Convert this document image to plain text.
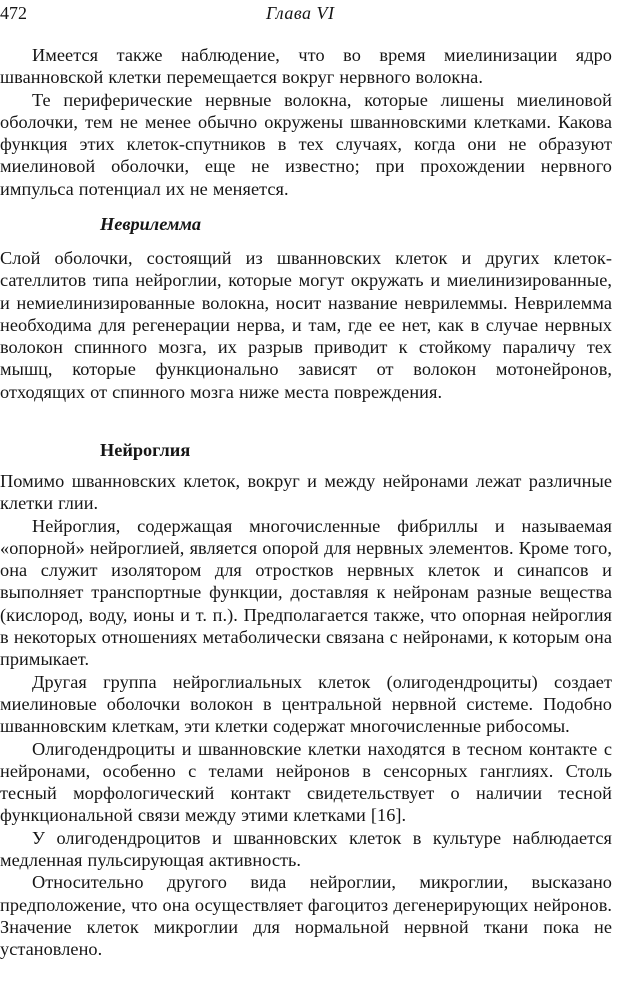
472	Глава VI

Имеется также наблюдение, что во время миелинизации ядро шванновской клетки перемещается вокруг нервного волокна.

Те периферические нервные волокна, которые лишены миелиновой оболочки, тем не менее обычно окружены шванновскими клетками. Какова функция этих клеток-спутников в тех случаях, когда они не образуют миелиновой оболочки, еще не известно; при прохождении нервного импульса потенциал их не меняется.

Неврилемма

Слой оболочки, состоящий из шванновских клеток и других клеток-сателлитов типа нейроглии, которые могут окружать и миелинизированные, и немиелинизированные волокна, носит название неврилеммы. Неврилемма необходима для регенерации нерва, и там, где ее нет, как в случае нервных волокон спинного мозга, их разрыв приводит к стойкому параличу тех мышц, которые функционально зависят от волокон мотонейронов, отходящих от спинного мозга ниже места повреждения.

Нейроглия

Помимо шванновских клеток, вокруг и между нейронами лежат различные клетки глии.

Нейроглия, содержащая многочисленные фибриллы и называемая «опорной» нейроглией, является опорой для нервных элементов. Кроме того, она служит изолятором для отростков нервных клеток и синапсов и выполняет транспортные функции, доставляя к нейронам разные вещества (кислород, воду, ионы и т. п.). Предполагается также, что опорная нейроглия в некоторых отношениях метаболически связана с нейронами, к которым она примыкает.

Другая группа нейроглиальных клеток (олигодендроциты) создает миелиновые оболочки волокон в центральной нервной системе. Подобно шванновским клеткам, эти клетки содержат многочисленные рибосомы.

Олигодендроциты и шванновские клетки находятся в тесном контакте с нейронами, особенно с телами нейронов в сенсорных ганглиях. Столь тесный морфологический контакт свидетельствует о наличии тесной функциональной связи между этими клетками [16].

У олигодендроцитов и шванновских клеток в культуре наблюдается медленная пульсирующая активность.

Относительно другого вида нейроглии, микроглии, высказано предположение, что она осуществляет фагоцитоз дегенерирующих нейронов. Значение клеток микроглии для нормальной нервной ткани пока не установлено.
